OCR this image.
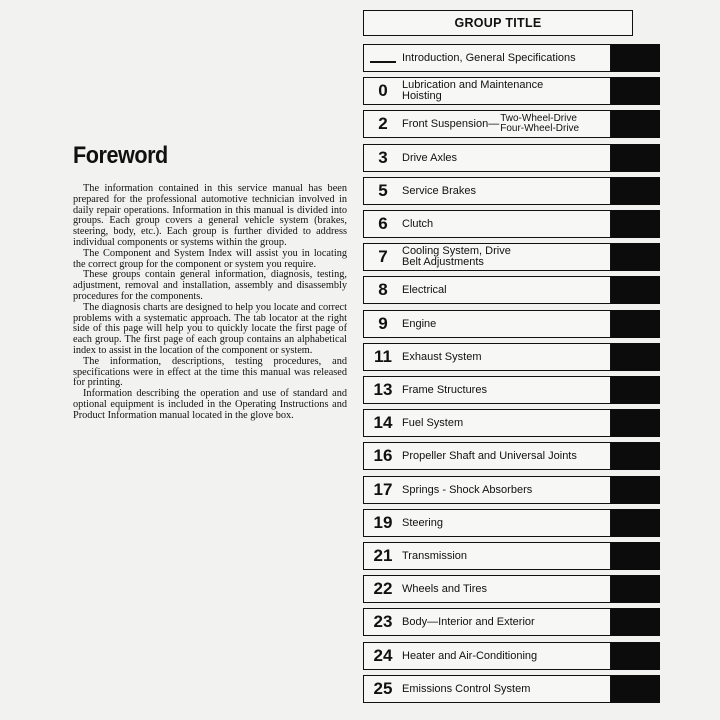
Foreword

The information contained in this service manual has been prepared for the professional automotive technician involved in daily repair operations. Information in this manual is divided into groups. Each group covers a general vehicle system (brakes, steering, body, etc.). Each group is further divided to address individual components or systems within the group.

The Component and System Index will assist you in locating the correct group for the component or system you require.

These groups contain general information, diagnosis, testing, adjustment, removal and installation, assembly and disassembly procedures for the components.

The diagnosis charts are designed to help you locate and correct problems with a systematic approach. The tab locator at the right side of this page will help you to quickly locate the first page of each group. The first page of each group contains an alphabetical index to assist in the location of the component or system.

The information, descriptions, testing procedures, and specifications were in effect at the time this manual was released for printing.

Information describing the operation and use of standard and optional equipment is included in the Operating Instructions and Product Information manual located in the glove box.

GROUP TITLE
Introduction, General Specifications
0	Lubrication and Maintenance
Hoisting
2	Front Suspension— Two-Wheel-Drive
Four-Wheel-Drive
3	Drive Axles
5	Service Brakes
6	Clutch
7	Cooling System, Drive
Belt Adjustments
8	Electrical
9	Engine
11 Exhaust System
13 Frame Structures
14 Fuel System
16 Propeller Shaft and Universal Joints
17 Springs - Shock Absorbers
19 Steering
21 Transmission
22 Wheels and Tires
23 Body—Interior and Exterior
24 Heater and Air-Conditioning
25 Emissions Control System
